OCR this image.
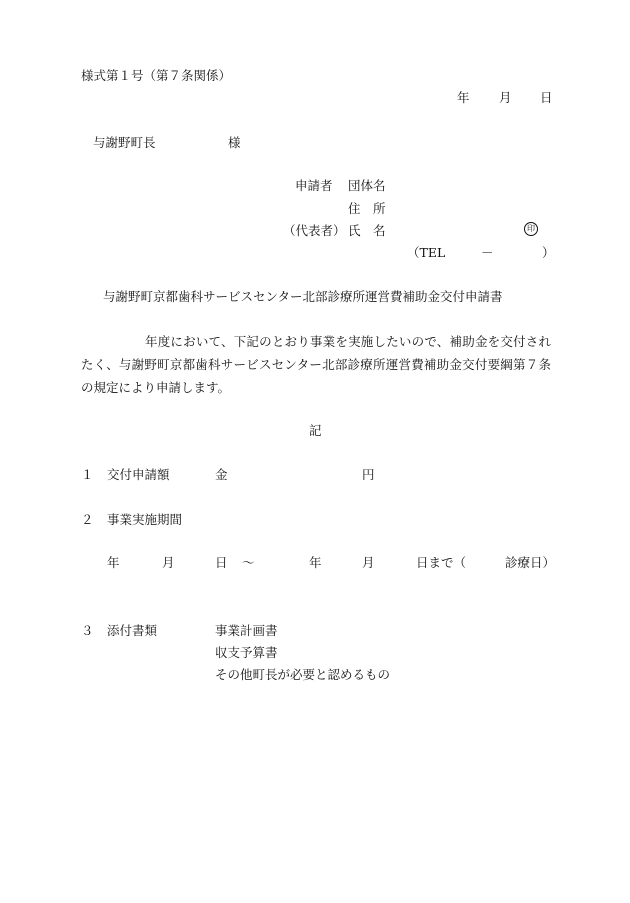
様式第１号（第７条関係）
年 月 日
与謝野町長	様
申請者 団体名
住　所
（代表者） 氏　名	印
（TEL	－	）
与謝野町京都歯科サービスセンター北部診療所運営費補助金交付申請書
年度において、下記のとおり事業を実施したいので、補助金を交付されたく、与謝野町京都歯科サービスセンター北部診療所運営費補助金交付要綱第７条の規定により申請します。
記
１ 交付申請額	金	円
２ 事業実施期間
年	月	日 ～	年	月	日まで（	診療日）
３ 添付書類	事業計画書
収支予算書
その他町長が必要と認めるもの
